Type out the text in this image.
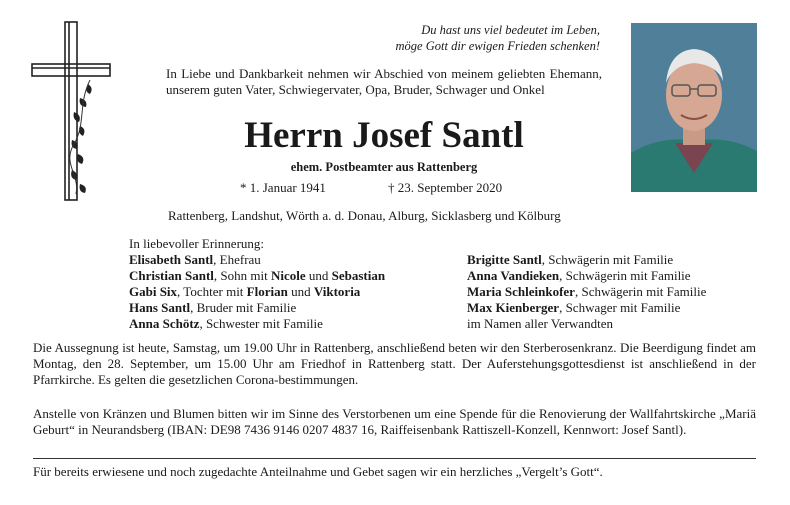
Du hast uns viel bedeutet im Leben,
möge Gott dir ewigen Frieden schenken!
In Liebe und Dankbarkeit nehmen wir Abschied von meinem geliebten Ehemann, unserem guten Vater, Schwiegervater, Opa, Bruder, Schwager und Onkel
Herrn Josef Santl
ehem. Postbeamter aus Rattenberg
* 1. Januar 1941	† 23. September 2020
Rattenberg, Landshut, Wörth a. d. Donau, Alburg, Sicklasberg und Kölburg
In liebevoller Erinnerung:
Elisabeth Santl, Ehefrau
Christian Santl, Sohn mit Nicole und Sebastian
Gabi Six, Tochter mit Florian und Viktoria
Hans Santl, Bruder mit Familie
Anna Schötz, Schwester mit Familie
Brigitte Santl, Schwägerin mit Familie
Anna Vandieken, Schwägerin mit Familie
Maria Schleinkofer, Schwägerin mit Familie
Max Kienberger, Schwager mit Familie
im Namen aller Verwandten
Die Aussegnung ist heute, Samstag, um 19.00 Uhr in Rattenberg, anschließend beten wir den Sterberosenkranz. Die Beerdigung findet am Montag, den 28. September, um 15.00 Uhr am Friedhof in Rattenberg statt. Der Auferstehungsgottesdienst ist anschließend in der Pfarrkirche. Es gelten die gesetzlichen Corona-bestimmungen.
Anstelle von Kränzen und Blumen bitten wir im Sinne des Verstorbenen um eine Spende für die Renovierung der Wallfahrtskirche „Mariä Geburt“ in Neurandsberg (IBAN: DE98 7436 9146 0207 4837 16, Raiffeisenbank Rattiszell-Konzell, Kennwort: Josef Santl).
Für bereits erwiesene und noch zugedachte Anteilnahme und Gebet sagen wir ein herzliches „Vergelt’s Gott“.
